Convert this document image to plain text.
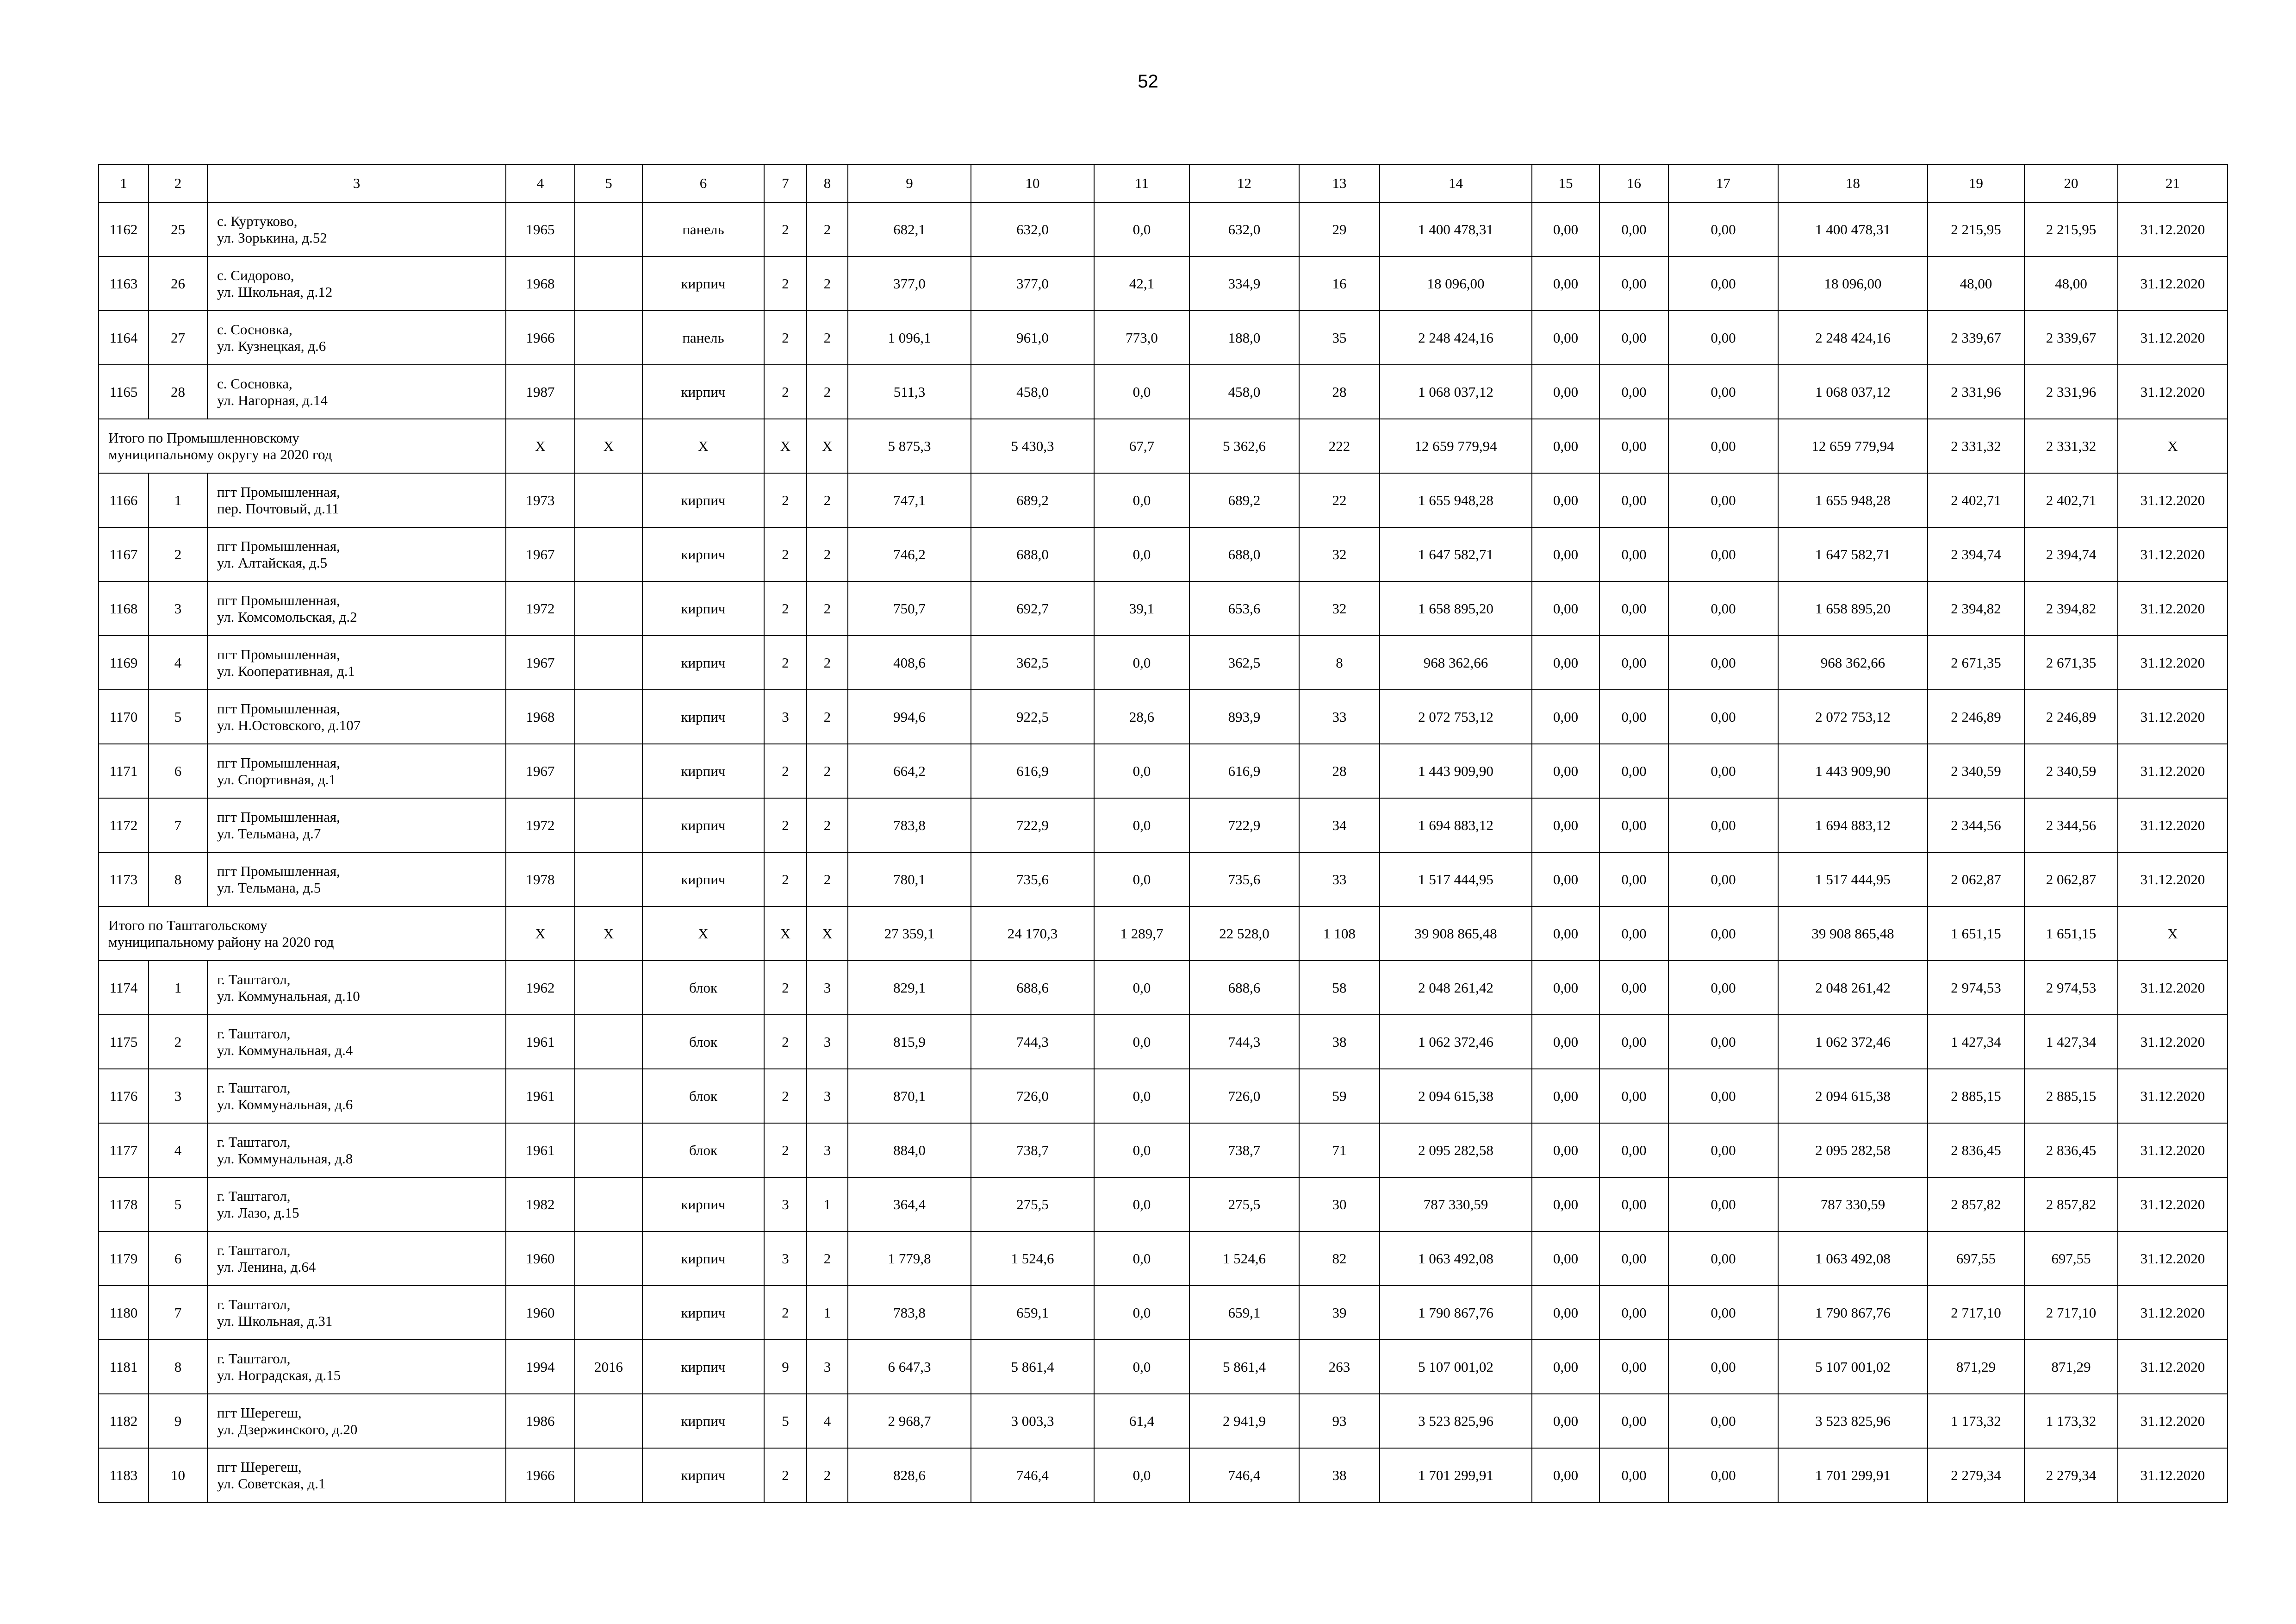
52
1	2	3	4	5	6	7	8	9	10	11	12	13	14	15	16	17	18	19	20	21
1162	25	с. Куртуково,
ул. Зорькина, д.52	1965		панель	2	2	682,1	632,0	0,0	632,0	29	1 400 478,31	0,00	0,00	0,00	1 400 478,31	2 215,95	2 215,95	31.12.2020
1163	26	с. Сидорово,
ул. Школьная, д.12	1968		кирпич	2	2	377,0	377,0	42,1	334,9	16	18 096,00	0,00	0,00	0,00	18 096,00	48,00	48,00	31.12.2020
1164	27	с. Сосновка,
ул. Кузнецкая, д.6	1966		панель	2	2	1 096,1	961,0	773,0	188,0	35	2 248 424,16	0,00	0,00	0,00	2 248 424,16	2 339,67	2 339,67	31.12.2020
1165	28	с. Сосновка,
ул. Нагорная, д.14	1987		кирпич	2	2	511,3	458,0	0,0	458,0	28	1 068 037,12	0,00	0,00	0,00	1 068 037,12	2 331,96	2 331,96	31.12.2020
Итого по Промышленновскому
муниципальному округу на 2020 год			X	X	X	X	X	5 875,3	5 430,3	67,7	5 362,6	222	12 659 779,94	0,00	0,00	0,00	12 659 779,94	2 331,32	2 331,32	X
1166	1	пгт Промышленная,
пер. Почтовый, д.11	1973		кирпич	2	2	747,1	689,2	0,0	689,2	22	1 655 948,28	0,00	0,00	0,00	1 655 948,28	2 402,71	2 402,71	31.12.2020
1167	2	пгт Промышленная,
ул. Алтайская, д.5	1967		кирпич	2	2	746,2	688,0	0,0	688,0	32	1 647 582,71	0,00	0,00	0,00	1 647 582,71	2 394,74	2 394,74	31.12.2020
1168	3	пгт Промышленная,
ул. Комсомольская, д.2	1972		кирпич	2	2	750,7	692,7	39,1	653,6	32	1 658 895,20	0,00	0,00	0,00	1 658 895,20	2 394,82	2 394,82	31.12.2020
1169	4	пгт Промышленная,
ул. Кооперативная, д.1	1967		кирпич	2	2	408,6	362,5	0,0	362,5	8	968 362,66	0,00	0,00	0,00	968 362,66	2 671,35	2 671,35	31.12.2020
1170	5	пгт Промышленная,
ул. Н.Остовского, д.107	1968		кирпич	3	2	994,6	922,5	28,6	893,9	33	2 072 753,12	0,00	0,00	0,00	2 072 753,12	2 246,89	2 246,89	31.12.2020
1171	6	пгт Промышленная,
ул. Спортивная, д.1	1967		кирпич	2	2	664,2	616,9	0,0	616,9	28	1 443 909,90	0,00	0,00	0,00	1 443 909,90	2 340,59	2 340,59	31.12.2020
1172	7	пгт Промышленная,
ул. Тельмана, д.7	1972		кирпич	2	2	783,8	722,9	0,0	722,9	34	1 694 883,12	0,00	0,00	0,00	1 694 883,12	2 344,56	2 344,56	31.12.2020
1173	8	пгт Промышленная,
ул. Тельмана, д.5	1978		кирпич	2	2	780,1	735,6	0,0	735,6	33	1 517 444,95	0,00	0,00	0,00	1 517 444,95	2 062,87	2 062,87	31.12.2020
Итого по Таштагольскому
муниципальному району на 2020 год			X	X	X	X	X	27 359,1	24 170,3	1 289,7	22 528,0	1 108	39 908 865,48	0,00	0,00	0,00	39 908 865,48	1 651,15	1 651,15	X
1174	1	г. Таштагол,
ул. Коммунальная, д.10	1962		блок	2	3	829,1	688,6	0,0	688,6	58	2 048 261,42	0,00	0,00	0,00	2 048 261,42	2 974,53	2 974,53	31.12.2020
1175	2	г. Таштагол,
ул. Коммунальная, д.4	1961		блок	2	3	815,9	744,3	0,0	744,3	38	1 062 372,46	0,00	0,00	0,00	1 062 372,46	1 427,34	1 427,34	31.12.2020
1176	3	г. Таштагол,
ул. Коммунальная, д.6	1961		блок	2	3	870,1	726,0	0,0	726,0	59	2 094 615,38	0,00	0,00	0,00	2 094 615,38	2 885,15	2 885,15	31.12.2020
1177	4	г. Таштагол,
ул. Коммунальная, д.8	1961		блок	2	3	884,0	738,7	0,0	738,7	71	2 095 282,58	0,00	0,00	0,00	2 095 282,58	2 836,45	2 836,45	31.12.2020
1178	5	г. Таштагол,
ул. Лазо, д.15	1982		кирпич	3	1	364,4	275,5	0,0	275,5	30	787 330,59	0,00	0,00	0,00	787 330,59	2 857,82	2 857,82	31.12.2020
1179	6	г. Таштагол,
ул. Ленина, д.64	1960		кирпич	3	2	1 779,8	1 524,6	0,0	1 524,6	82	1 063 492,08	0,00	0,00	0,00	1 063 492,08	697,55	697,55	31.12.2020
1180	7	г. Таштагол,
ул. Школьная, д.31	1960		кирпич	2	1	783,8	659,1	0,0	659,1	39	1 790 867,76	0,00	0,00	0,00	1 790 867,76	2 717,10	2 717,10	31.12.2020
1181	8	г. Таштагол,
ул. Ноградская, д.15	1994	2016	кирпич	9	3	6 647,3	5 861,4	0,0	5 861,4	263	5 107 001,02	0,00	0,00	0,00	5 107 001,02	871,29	871,29	31.12.2020
1182	9	пгт Шерегеш,
ул. Дзержинского, д.20	1986		кирпич	5	4	2 968,7	3 003,3	61,4	2 941,9	93	3 523 825,96	0,00	0,00	0,00	3 523 825,96	1 173,32	1 173,32	31.12.2020
1183	10	пгт Шерегеш,
ул. Советская, д.1	1966		кирпич	2	2	828,6	746,4	0,0	746,4	38	1 701 299,91	0,00	0,00	0,00	1 701 299,91	2 279,34	2 279,34	31.12.2020
